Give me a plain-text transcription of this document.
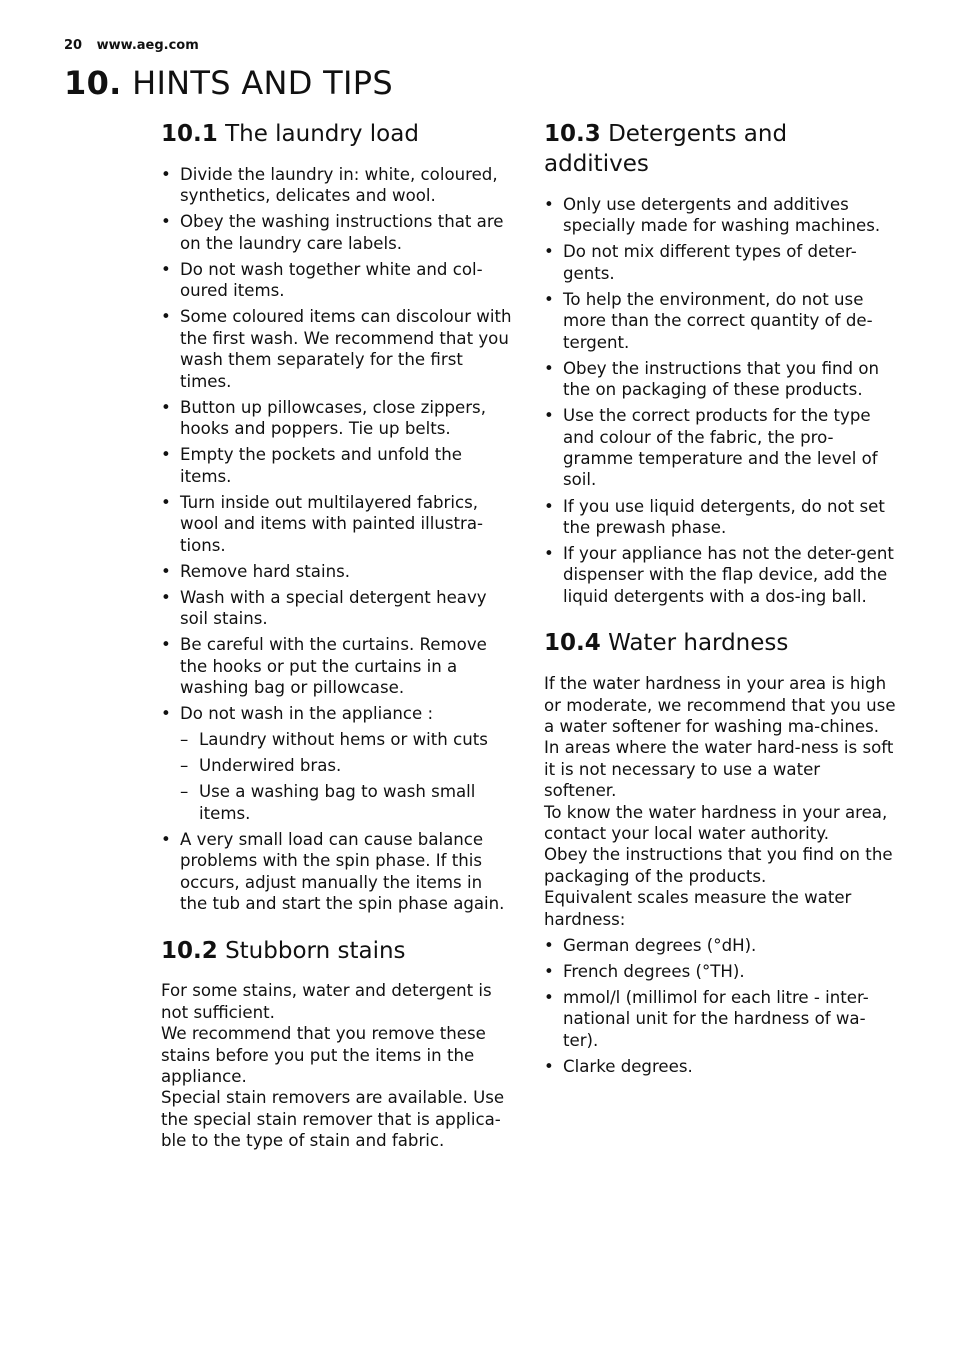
20 www.aeg.com
10. HINTS AND TIPS
10.1 The laundry load
• Divide the laundry in: white, coloured, synthetics, delicates and wool.
• Obey the washing instructions that are on the laundry care labels.
• Do not wash together white and col-oured items.
• Some coloured items can discolour with the first wash. We recommend that you wash them separately for the first times.
• Button up pillowcases, close zippers, hooks and poppers. Tie up belts.
• Empty the pockets and unfold the items.
• Turn inside out multilayered fabrics, wool and items with painted illustra-tions.
• Remove hard stains.
• Wash with a special detergent heavy soil stains.
• Be careful with the curtains. Remove the hooks or put the curtains in a washing bag or pillowcase.
• Do not wash in the appliance :
– Laundry without hems or with cuts
– Underwired bras.
– Use a washing bag to wash small items.
• A very small load can cause balance problems with the spin phase. If this occurs, adjust manually the items in the tub and start the spin phase again.
10.2 Stubborn stains

For some stains, water and detergent is not sufficient.

We recommend that you remove these stains before you put the items in the appliance.

Special stain removers are available. Use the special stain remover that is applica-ble to the type of stain and fabric.

10.3 Detergents and additives
• Only use detergents and additives specially made for washing machines.
• Do not mix different types of deter-gents.
• To help the environment, do not use more than the correct quantity of de-tergent.
• Obey the instructions that you find on the on packaging of these products.
• Use the correct products for the type and colour of the fabric, the pro-gramme temperature and the level of soil.
• If you use liquid detergents, do not set the prewash phase.
• If your appliance has not the deter-gent dispenser with the flap device, add the liquid detergents with a dos-ing ball.
10.4 Water hardness

If the water hardness in your area is high or moderate, we recommend that you use a water softener for washing ma-chines. In areas where the water hard-ness is soft it is not necessary to use a water softener.

To know the water hardness in your area, contact your local water authority.

Obey the instructions that you find on the packaging of the products.

Equivalent scales measure the water hardness:

• German degrees (°dH).
• French degrees (°TH).
• mmol/l (millimol for each litre - inter-national unit for the hardness of wa-ter).
• Clarke degrees.
